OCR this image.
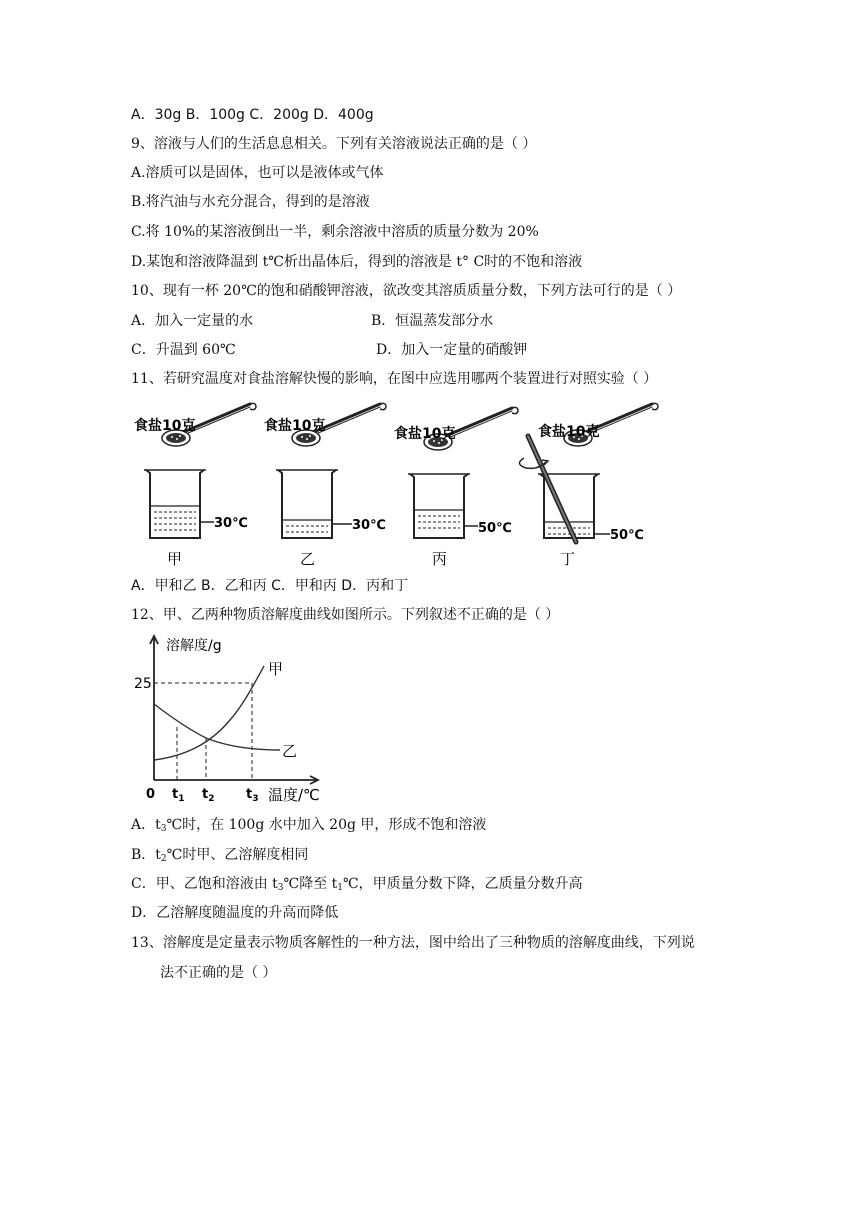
A．30g B．100g C．200g D．400g
9、溶液与人们的生活息息相关。下列有关溶液说法正确的是（ ）
A.溶质可以是固体，也可以是液体或气体
B.将汽油与水充分混合，得到的是溶液
C.将 10%的某溶液倒出一半，剩余溶液中溶质的质量分数为 20%
D.某饱和溶液降温到 t℃析出晶体后，得到的溶液是 t° C时的不饱和溶液
10、现有一杯 20℃的饱和硝酸钾溶液，欲改变其溶质质量分数，下列方法可行的是（ ）
A．加入一定量的水	B．恒温蒸发部分水
C．升温到 60℃	D．加入一定量的硝酸钾
11、若研究温度对食盐溶解快慢的影响，在图中应选用哪两个装置进行对照实验（ ）
食盐10克
30℃
甲
食盐10克
30℃
乙
食盐10克
50℃
丙
食盐10克
50℃
丁
A．甲和乙 B．乙和丙 C．甲和丙 D．丙和丁
12、甲、乙两种物质溶解度曲线如图所示。下列叙述不正确的是（ ）
溶解度/g
25
甲
乙
0 $t_1$ $t_2$ $t_3$ 温度/℃
A．$t_3℃$时，在 100g 水中加入 20g 甲，形成不饱和溶液
B．$t_2℃$时甲、乙溶解度相同
C．甲、乙饱和溶液由 $t_3℃$降至 $t_1℃$，甲质量分数下降，乙质量分数升高
D．乙溶解度随温度的升高而降低
13、溶解度是定量表示物质客解性的一种方法，图中给出了三种物质的溶解度曲线，下列说
法不正确的是（ ）
